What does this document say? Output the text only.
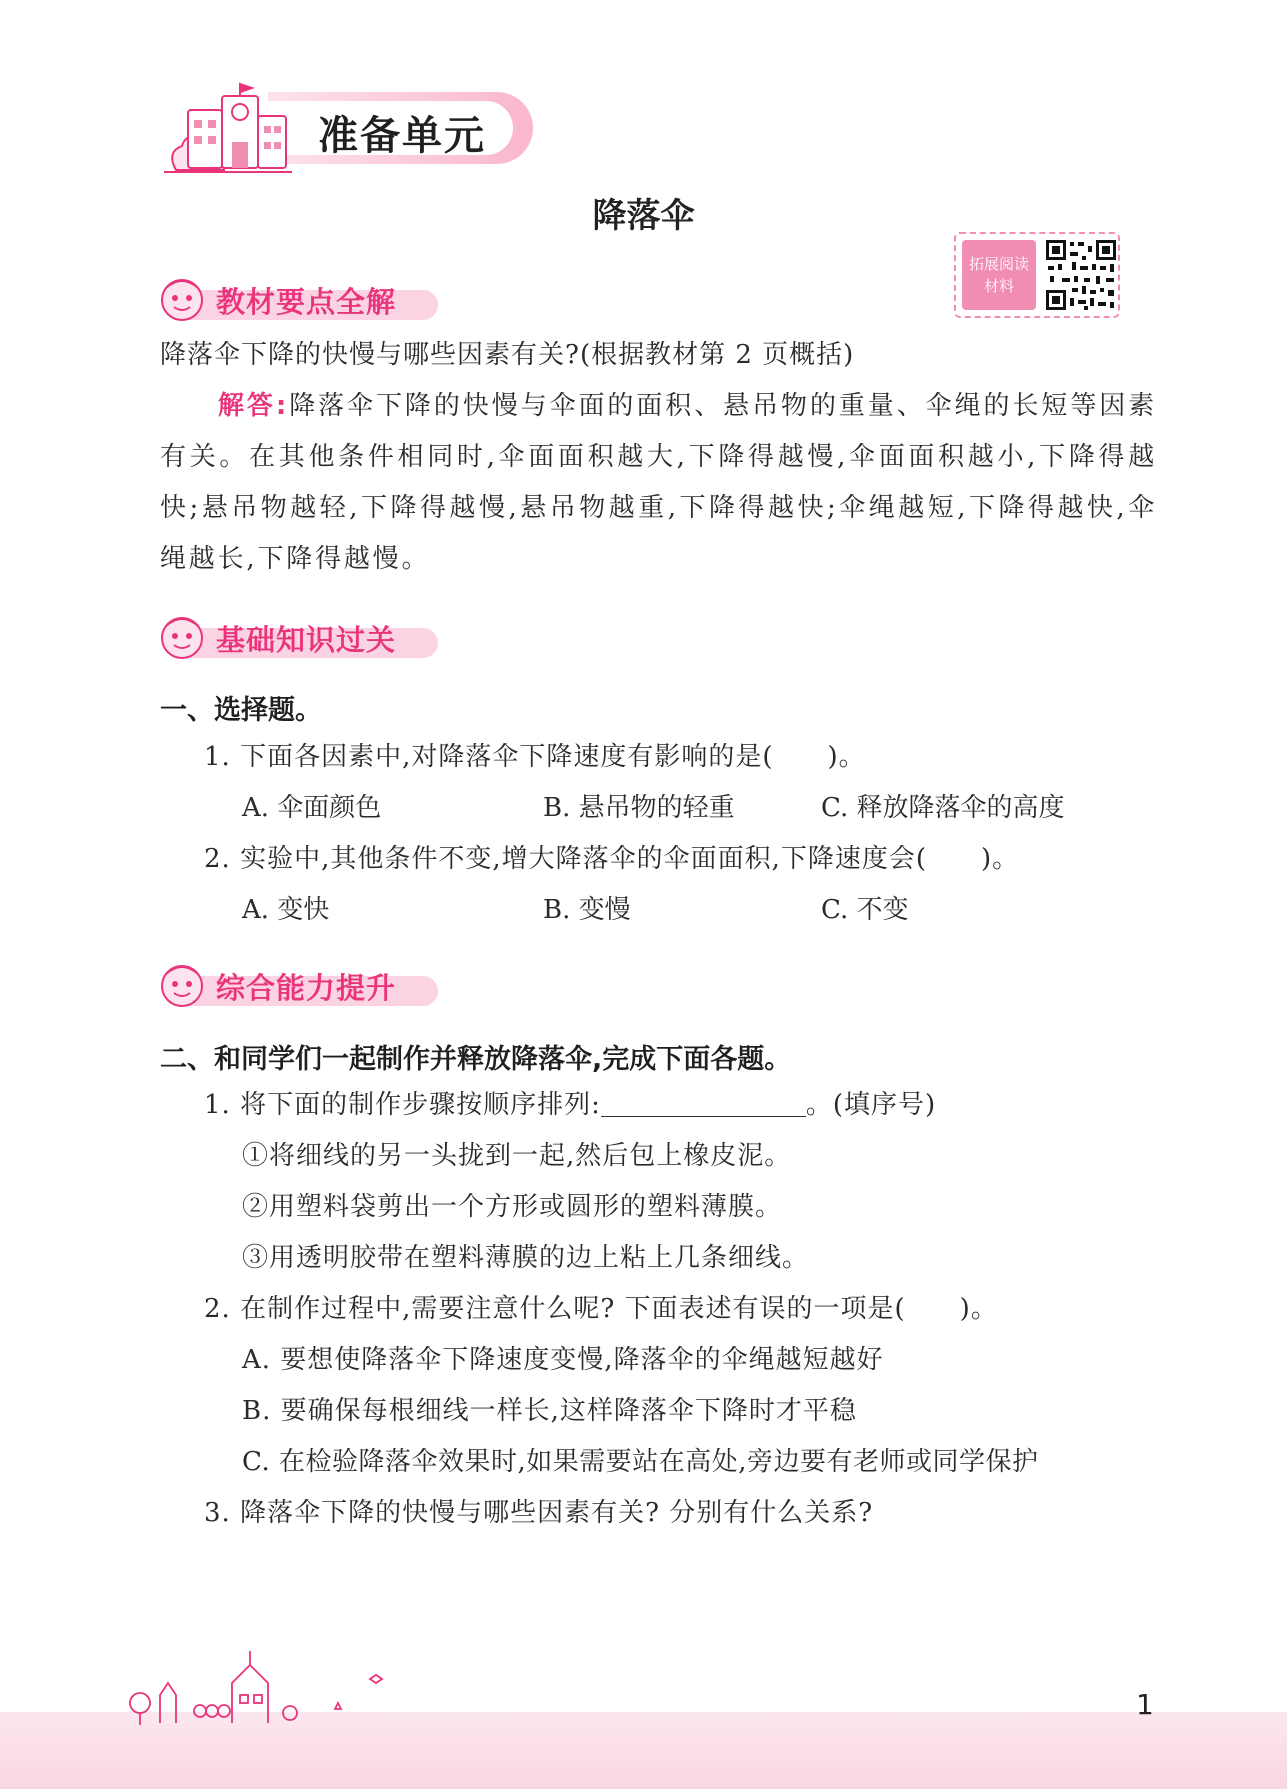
准备单元
降落伞
拓展阅读
材料
教材要点全解
降落伞下降的快慢与哪些因素有关?(根据教材第 2 页概括)
解答:降落伞下降的快慢与伞面的面积、悬吊物的重量、伞绳的长短等因素有关。在其他条件相同时,伞面面积越大,下降得越慢,伞面面积越小,下降得越快;悬吊物越轻,下降得越慢,悬吊物越重,下降得越快;伞绳越短,下降得越快,伞绳越长,下降得越慢。
基础知识过关
一、选择题。
1. 下面各因素中,对降落伞下降速度有影响的是(　　)。
A. 伞面颜色	B. 悬吊物的轻重	C. 释放降落伞的高度
2. 实验中,其他条件不变,增大降落伞的伞面面积,下降速度会(　　)。
A. 变快	B. 变慢	C. 不变
综合能力提升
二、和同学们一起制作并释放降落伞,完成下面各题。
1. 将下面的制作步骤按顺序排列:	。(填序号)
①将细线的另一头拢到一起,然后包上橡皮泥。
②用塑料袋剪出一个方形或圆形的塑料薄膜。
③用透明胶带在塑料薄膜的边上粘上几条细线。
2. 在制作过程中,需要注意什么呢? 下面表述有误的一项是(　　)。
A. 要想使降落伞下降速度变慢,降落伞的伞绳越短越好
B. 要确保每根细线一样长,这样降落伞下降时才平稳
C. 在检验降落伞效果时,如果需要站在高处,旁边要有老师或同学保护
3. 降落伞下降的快慢与哪些因素有关? 分别有什么关系?
1
